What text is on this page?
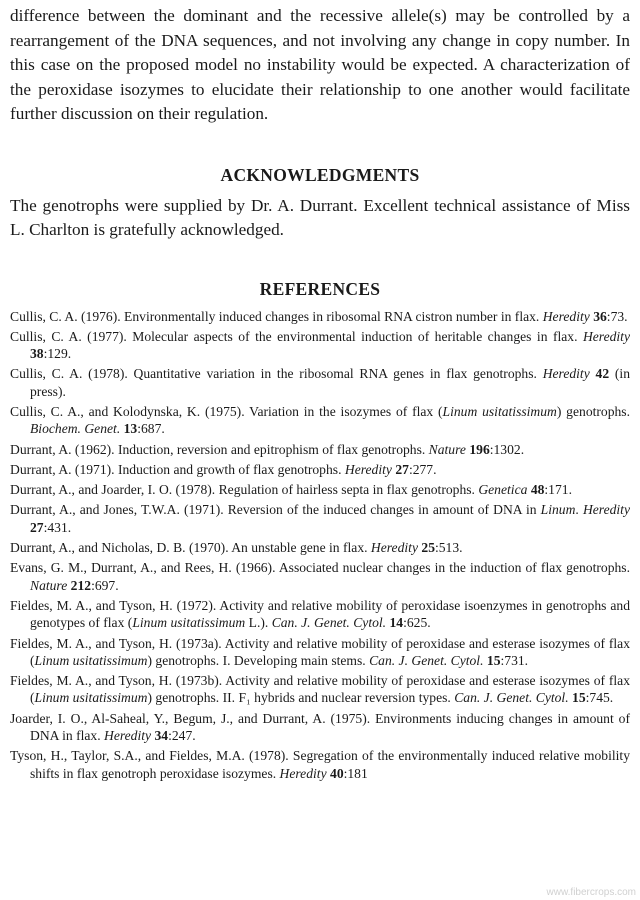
difference between the dominant and the recessive allele(s) may be controlled by a rearrangement of the DNA sequences, and not involving any change in copy number. In this case on the proposed model no instability would be expected. A characterization of the peroxidase isozymes to elucidate their relationship to one another would facilitate further discussion on their regulation.

ACKNOWLEDGMENTS

The genotrophs were supplied by Dr. A. Durrant. Excellent technical assistance of Miss L. Charlton is gratefully acknowledged.

REFERENCES
Cullis, C. A. (1976). Environmentally induced changes in ribosomal RNA cistron number in flax. Heredity 36:73.
Cullis, C. A. (1977). Molecular aspects of the environmental induction of heritable changes in flax. Heredity 38:129.
Cullis, C. A. (1978). Quantitative variation in the ribosomal RNA genes in flax genotrophs. Heredity 42 (in press).
Cullis, C. A., and Kolodynska, K. (1975). Variation in the isozymes of flax (Linum usitatissimum) genotrophs. Biochem. Genet. 13:687.
Durrant, A. (1962). Induction, reversion and epitrophism of flax genotrophs. Nature 196:1302.
Durrant, A. (1971). Induction and growth of flax genotrophs. Heredity 27:277.
Durrant, A., and Joarder, I. O. (1978). Regulation of hairless septa in flax genotrophs. Genetica 48:171.
Durrant, A., and Jones, T.W.A. (1971). Reversion of the induced changes in amount of DNA in Linum. Heredity 27:431.
Durrant, A., and Nicholas, D. B. (1970). An unstable gene in flax. Heredity 25:513.
Evans, G. M., Durrant, A., and Rees, H. (1966). Associated nuclear changes in the induction of flax genotrophs. Nature 212:697.
Fieldes, M. A., and Tyson, H. (1972). Activity and relative mobility of peroxidase isoenzymes in genotrophs and genotypes of flax (Linum usitatissimum L.). Can. J. Genet. Cytol. 14:625.
Fieldes, M. A., and Tyson, H. (1973a). Activity and relative mobility of peroxidase and esterase isozymes of flax (Linum usitatissimum) genotrophs. I. Developing main stems. Can. J. Genet. Cytol. 15:731.
Fieldes, M. A., and Tyson, H. (1973b). Activity and relative mobility of peroxidase and esterase isozymes of flax (Linum usitatissimum) genotrophs. II. F₁ hybrids and nuclear reversion types. Can. J. Genet. Cytol. 15:745.
Joarder, I. O., Al-Saheal, Y., Begum, J., and Durrant, A. (1975). Environments inducing changes in amount of DNA in flax. Heredity 34:247.
Tyson, H., Taylor, S.A., and Fieldes, M.A. (1978). Segregation of the environmentally induced relative mobility shifts in flax genotroph peroxidase isozymes. Heredity 40:181
www.fibercrops.com
